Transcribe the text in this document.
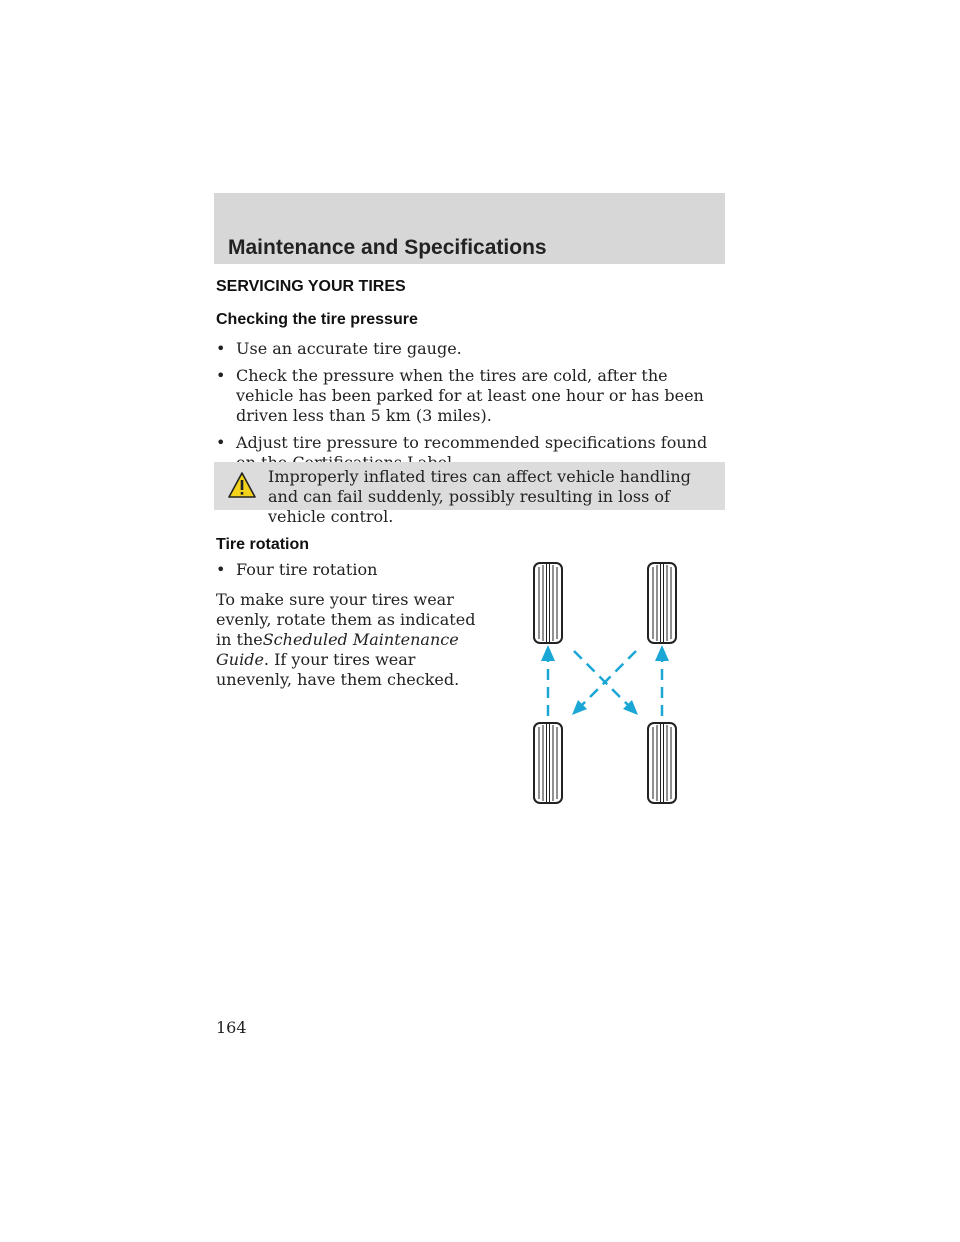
Maintenance and Specifications
SERVICING YOUR TIRES
Checking the tire pressure
• Use an accurate tire gauge.
• Check the pressure when the tires are cold, after the vehicle has been parked for at least one hour or has been driven less than 5 km (3 miles).
• Adjust tire pressure to recommended specifications found
Improperly inflated tires can affect vehicle handling and can fail suddenly, possibly resulting in loss of vehicle control.
Tire rotation
• Four tire rotation
To make sure your tires wear evenly, rotate them as indicated in theScheduled Maintenance Guide. If your tires wear unevenly, have them checked.
164
